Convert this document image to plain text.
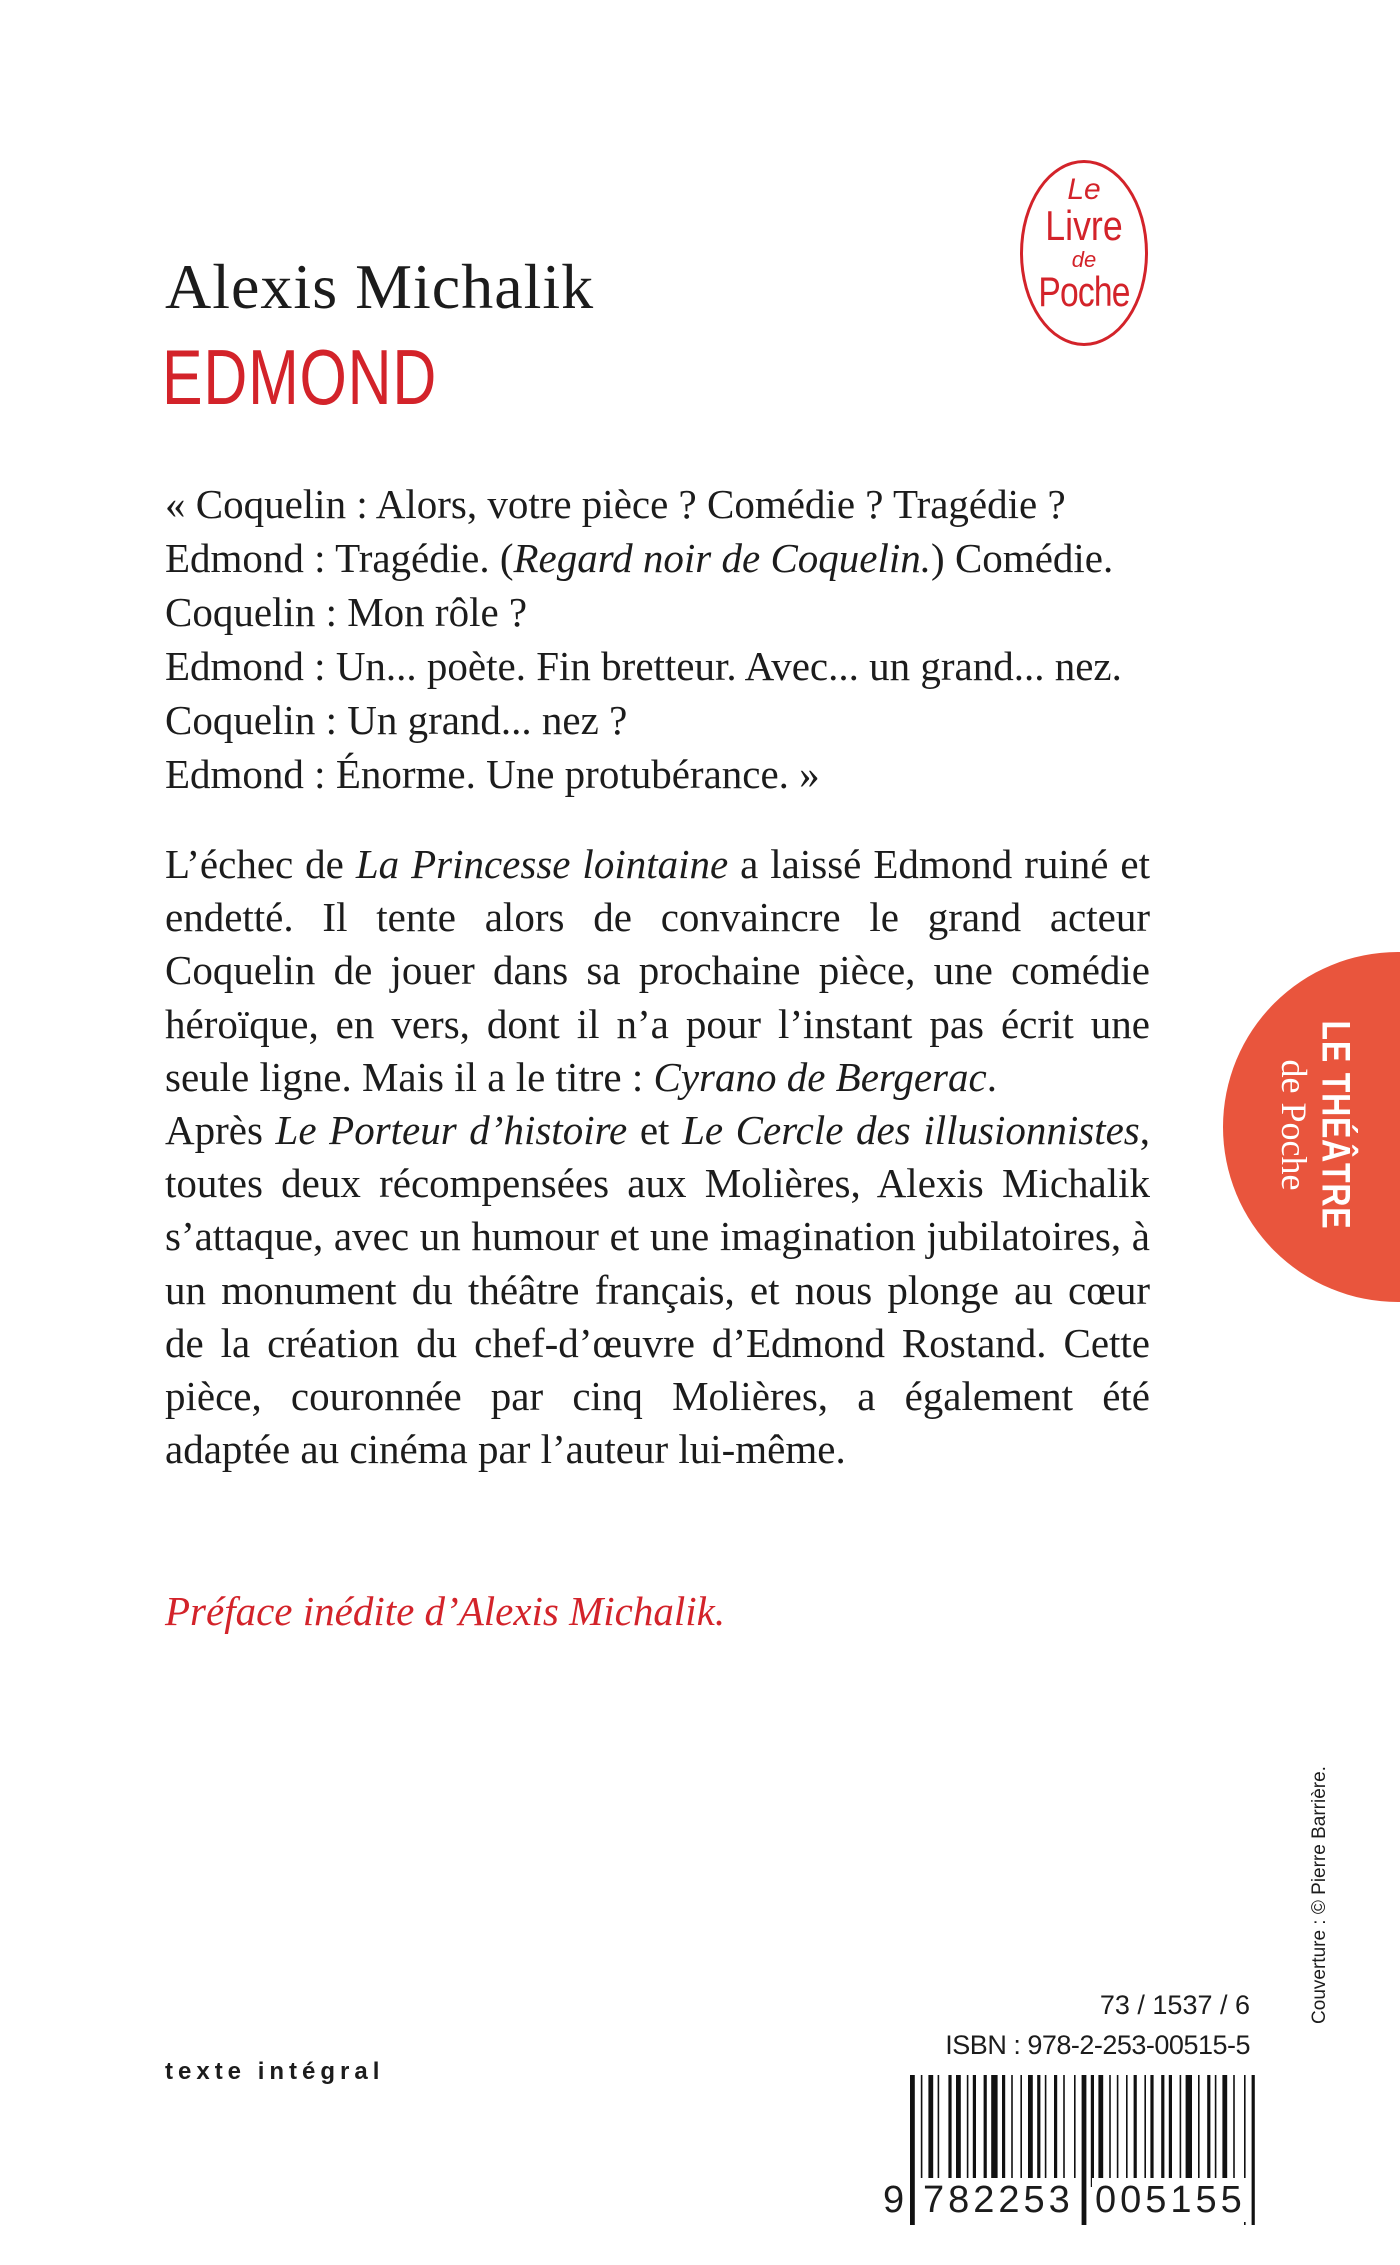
Alexis Michalik
EDMOND
Le
Livre
de
Poche
« Coquelin : Alors, votre pièce ? Comédie ? Tragédie ?
Edmond : Tragédie. (Regard noir de Coquelin.) Comédie.
Coquelin : Mon rôle ?
Edmond : Un... poète. Fin bretteur. Avec... un grand... nez.
Coquelin : Un grand... nez ?
Edmond : Énorme. Une protubérance. »

L’échec de La Princesse lointaine a laissé Edmond ruiné et endetté. Il tente alors de convaincre le grand acteur Coquelin de jouer dans sa prochaine pièce, une comédie héroïque, en vers, dont il n’a pour l’instant pas écrit une seule ligne. Mais il a le titre : Cyrano de Bergerac.

Après Le Porteur d’histoire et Le Cercle des illusionnistes, toutes deux récompensées aux Molières, Alexis Michalik s’attaque, avec un humour et une imagination jubilatoires, à un monument du théâtre français, et nous plonge au cœur de la création du chef-d’œuvre d’Edmond Rostand. Cette pièce, couronnée par cinq Molières, a également été adaptée au cinéma par l’auteur lui-même.

Préface inédite d’Alexis Michalik.

LE THÉÂTRE
de Poche
Couverture : © Pierre Barrière.

texte intégral

73 / 1537 / 6
ISBN : 978-2-253-00515-5
9 782253 005155
